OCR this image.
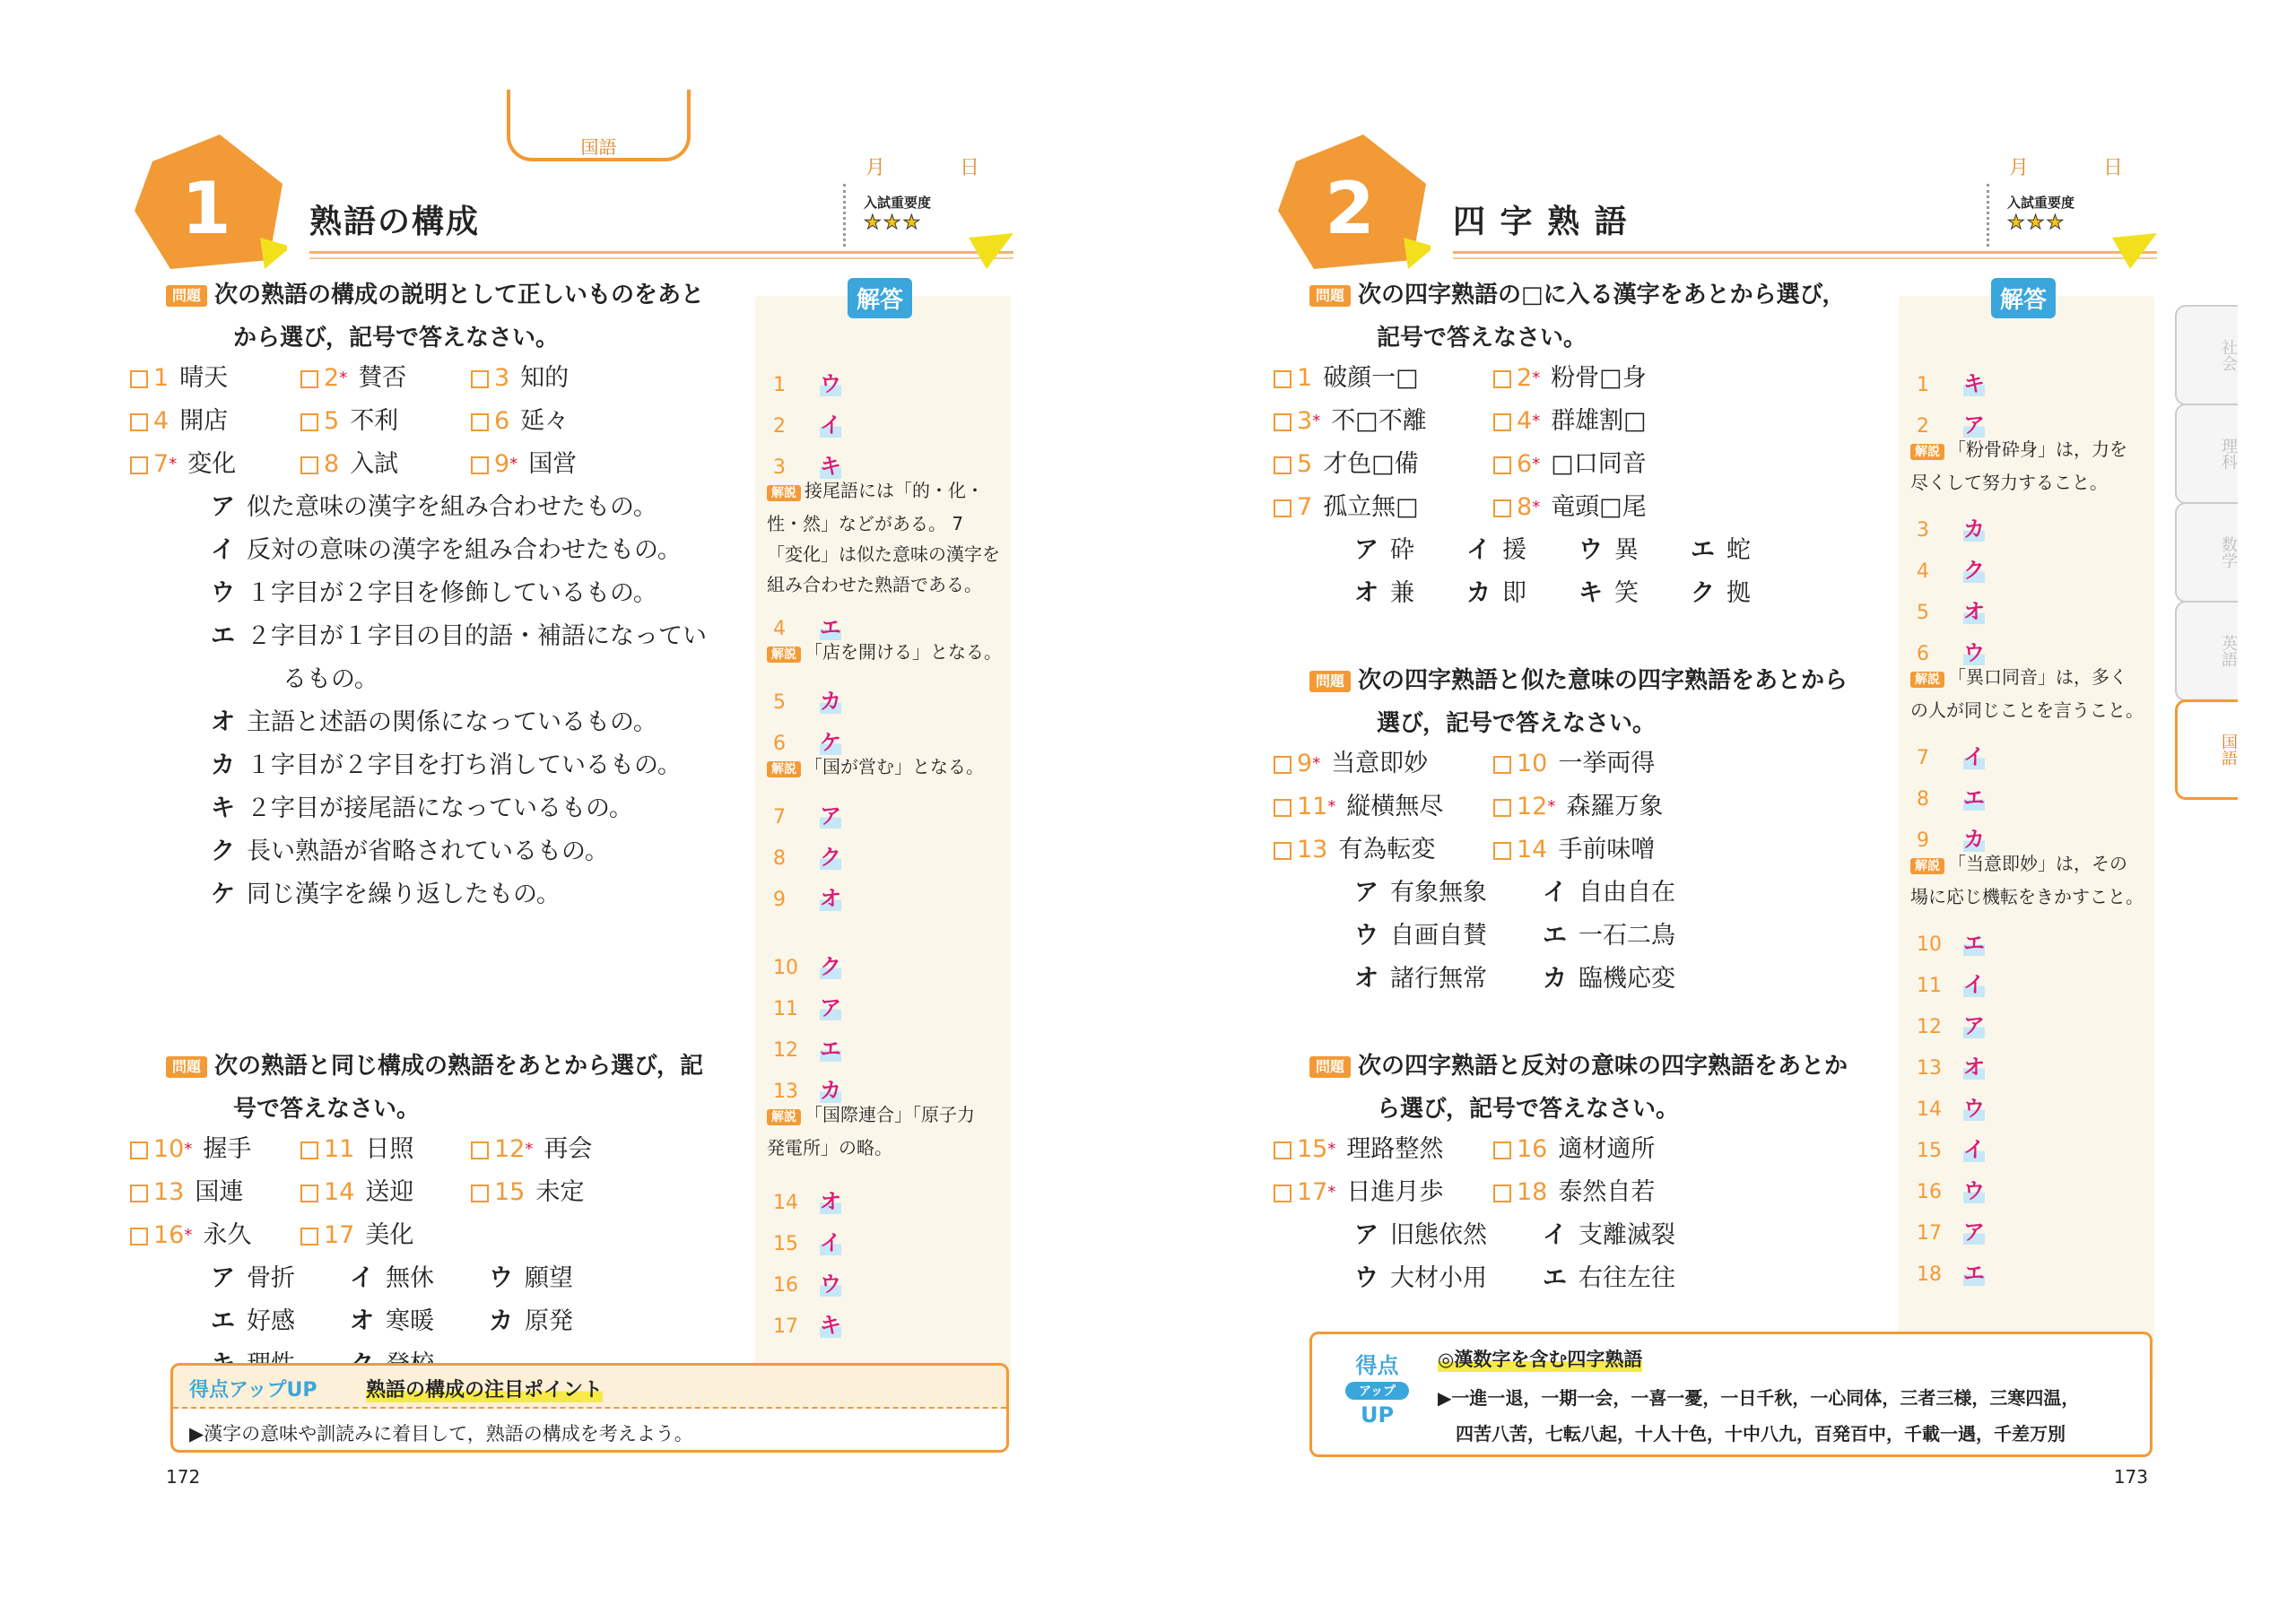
国語
月 日
1 熟語の構成
入試重要度
★★★
問題 次の熟語の構成の説明として正しいものをあと
から選び，記号で答えなさい。
1 晴天	2* 賛否	3 知的
4 開店	5 不利	6 延々
7* 変化	8 入試	9* 国営
ア 似た意味の漢字を組み合わせたもの。
イ 反対の意味の漢字を組み合わせたもの。
ウ １字目が２字目を修飾しているもの。
エ ２字目が１字目の目的語・補語になってい
るもの。
オ 主語と述語の関係になっているもの。
カ １字目が２字目を打ち消しているもの。
キ ２字目が接尾語になっているもの。
ク 長い熟語が省略されているもの。
ケ 同じ漢字を繰り返したもの。
問題 次の熟語と同じ構成の熟語をあとから選び，記
号で答えなさい。
10* 握手	11 日照	12* 再会
13 国連	14 送迎	15 未定
16* 永久	17 美化
ア 骨折 イ 無休 ウ 願望
エ 好感 オ 寒暖 カ 原発
解答
1 ウ
2 イ
3 キ
4 エ
5 カ
6 ケ
7 ア
8 ク
9 オ
10 ク
11 ア
12 エ
13 カ
14 オ
15 イ
16 ウ
17 キ
解説 接尾語には「的・化・
性・然」などがある。 7
「変化」は似た意味の漢字を
組み合わせた熟語である。
解説 「店を開ける」となる。
解説 「国が営む」となる。
解説 「国際連合」「原子力
発電所」の略。
得点アップUP 熟語の構成の注目ポイント
▶漢字の意味や訓読みに着目して，熟語の構成を考えよう。
172
月 日
2 四 字 熟 語
入試重要度
★★★
問題 次の四字熟語の□に入る漢字をあとから選び，
記号で答えなさい。
1 破顔一□	2* 粉骨□身
3* 不□不離	4* 群雄割□
5 才色□備	6* □口同音
7 孤立無□	8* 竜頭□尾
ア 砕 イ 援 ウ 異 エ 蛇
オ 兼 カ 即 キ 笑 ク 拠
問題 次の四字熟語と似た意味の四字熟語をあとから
選び，記号で答えなさい。
9* 当意即妙	10 一挙両得
11* 縦横無尽	12* 森羅万象
13 有為転変	14 手前味噌
ア 有象無象 イ 自由自在
ウ 自画自賛 エ 一石二鳥
オ 諸行無常 カ 臨機応変
問題 次の四字熟語と反対の意味の四字熟語をあとか
ら選び，記号で答えなさい。
15* 理路整然	16 適材適所
17* 日進月歩	18 泰然自若
ア 旧態依然 イ 支離滅裂
ウ 大材小用 エ 右往左往
解答
1 キ
2 ア
3 カ
4 ク
5 オ
6 ウ
7 イ
8 エ
9 カ
10 エ
11 イ
12 ア
13 オ
14 ウ
15 イ
16 ウ
17 ア
18 エ
解説 「粉骨砕身」は，力を
尽くして努力すること。
解説 「異口同音」は，多く
の人が同じことを言うこと。
解説 「当意即妙」は，その
場に応じ機転をきかすこと。
得点
アップ
UP
◎漢数字を含む四字熟語
▶一進一退，一期一会，一喜一憂，一日千秋，一心同体，三者三様，三寒四温，
四苦八苦，七転八起，十人十色，十中八九，百発百中，千載一遇，千差万別
173
社会
理科
数学
英語
国語
